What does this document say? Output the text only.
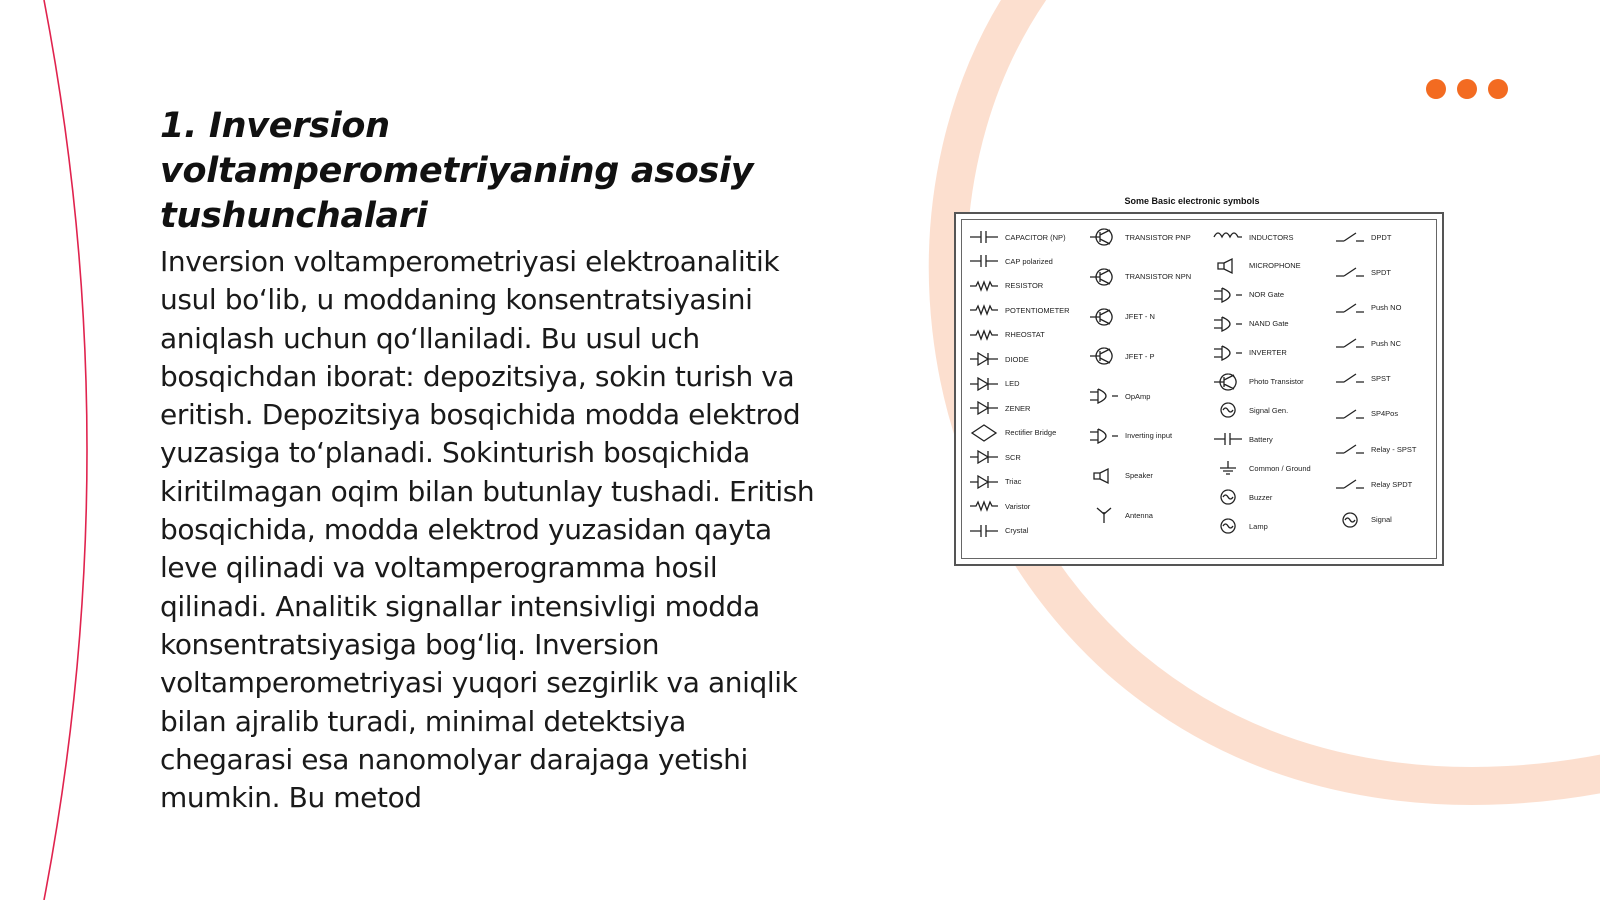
1. Inversion voltamperometriyaning asosiy tushunchalari

Inversion voltamperometriyasi elektroanalitik usul bo‘lib, u moddaning konsentratsiyasini aniqlash uchun qo‘llaniladi. Bu usul uch bosqichdan iborat: depozitsiya, sokin turish va eritish. Depozitsiya bosqichida modda elektrod yuzasiga to‘planadi. Sokinturish bosqichida kiritilmagan oqim bilan butunlay tushadi. Eritish bosqichida, modda elektrod yuzasidan qayta leve qilinadi va voltamperogramma hosil qilinadi. Analitik signallar intensivligi modda konsentratsiyasiga bog‘liq. Inversion voltamperometriyasi yuqori sezgirlik va aniqlik bilan ajralib turadi, minimal detektsiya chegarasi esa nanomolyar darajaga yetishi mumkin. Bu metod

Some Basic electronic symbols
CAPACITOR (NP)
CAP polarized
RESISTOR
POTENTIOMETER
RHEOSTAT
DIODE
LED
ZENER
Rectifier Bridge
SCR
Triac
Varistor
Crystal
TRANSISTOR PNP
TRANSISTOR NPN
JFET - N
JFET - P
OpAmp
Inverting input
Speaker
Antenna
INDUCTORS
MICROPHONE
NOR Gate
NAND Gate
INVERTER
Photo Transistor
Signal Gen.
Battery
Common / Ground
Buzzer
Lamp
DPDT
SPDT
Push NO
Push NC
SPST
SP4Pos
Relay - SPST
Relay SPDT
Signal
